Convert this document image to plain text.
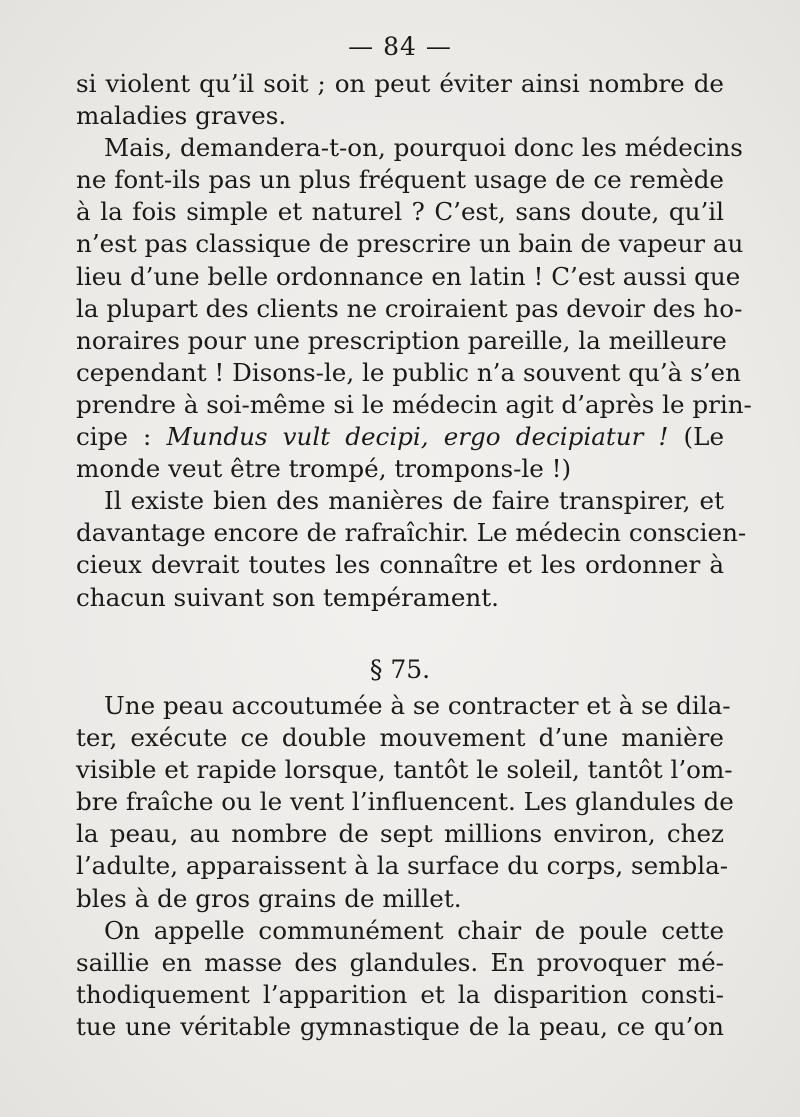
— 84 —
si violent qu’il soit ; on peut éviter ainsi nombre de
maladies graves.
Mais, demandera-t-on, pourquoi donc les médecins
ne font-ils pas un plus fréquent usage de ce remède
à la fois simple et naturel ? C’est, sans doute, qu’il
n’est pas classique de prescrire un bain de vapeur au
lieu d’une belle ordonnance en latin ! C’est aussi que
la plupart des clients ne croiraient pas devoir des ho-
noraires pour une prescription pareille, la meilleure
cependant ! Disons-le, le public n’a souvent qu’à s’en
prendre à soi-même si le médecin agit d’après le prin-
cipe : Mundus vult decipi, ergo decipiatur ! (Le
monde veut être trompé, trompons-le !)
Il existe bien des manières de faire transpirer, et
davantage encore de rafraîchir. Le médecin conscien-
cieux devrait toutes les connaître et les ordonner à
chacun suivant son tempérament.
§ 75.
Une peau accoutumée à se contracter et à se dila-
ter, exécute ce double mouvement d’une manière
visible et rapide lorsque, tantôt le soleil, tantôt l’om-
bre fraîche ou le vent l’influencent. Les glandules de
la peau, au nombre de sept millions environ, chez
l’adulte, apparaissent à la surface du corps, sembla-
bles à de gros grains de millet.
On appelle communément chair de poule cette
saillie en masse des glandules. En provoquer mé-
thodiquement l’apparition et la disparition consti-
tue une véritable gymnastique de la peau, ce qu’on
